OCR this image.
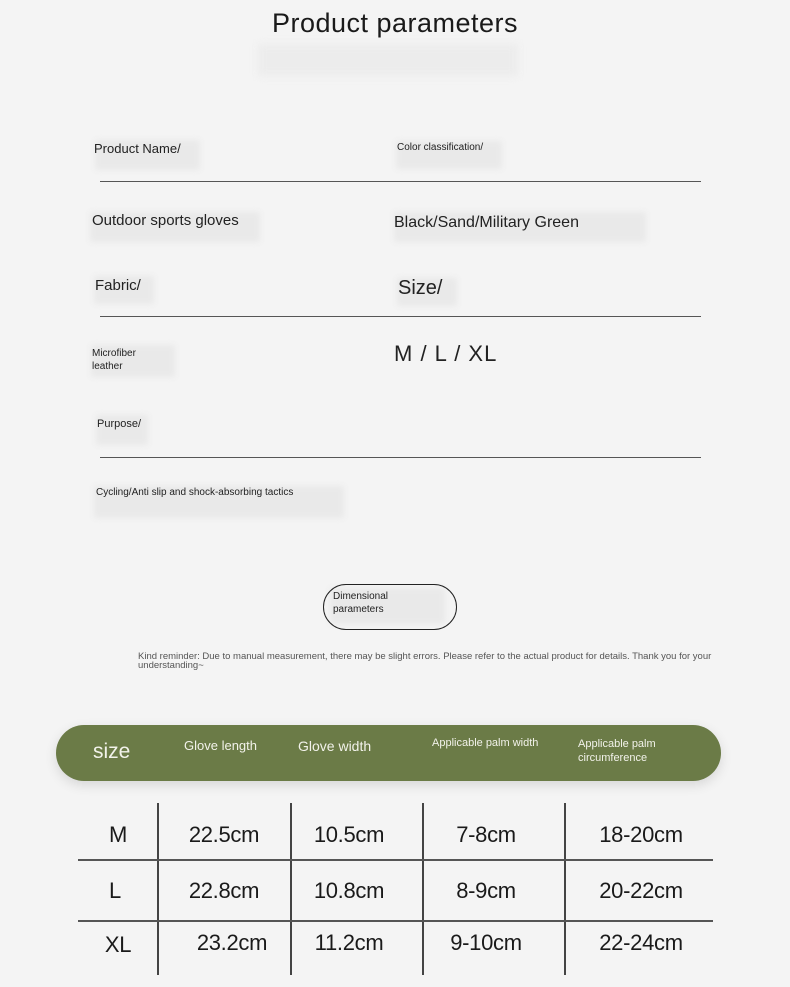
Product parameters
Product Name/	Color classification/
Outdoor sports gloves	Black/Sand/Military Green
Fabric/	Size/
Microfiber
leather
M / L / XL
Purpose/
Cycling/Anti slip and shock-absorbing tactics
Dimensional
parameters
Kind reminder: Due to manual measurement, there may be slight errors. Please refer to the actual product for details. Thank you for your understanding~
size	Glove length	Glove width	Applicable palm width	Applicable palm
circumference
M	22.5cm	10.5cm	7-8cm	18-20cm
L	22.8cm	10.8cm	8-9cm	20-22cm
XL	23.2cm	11.2cm	9-10cm	22-24cm
